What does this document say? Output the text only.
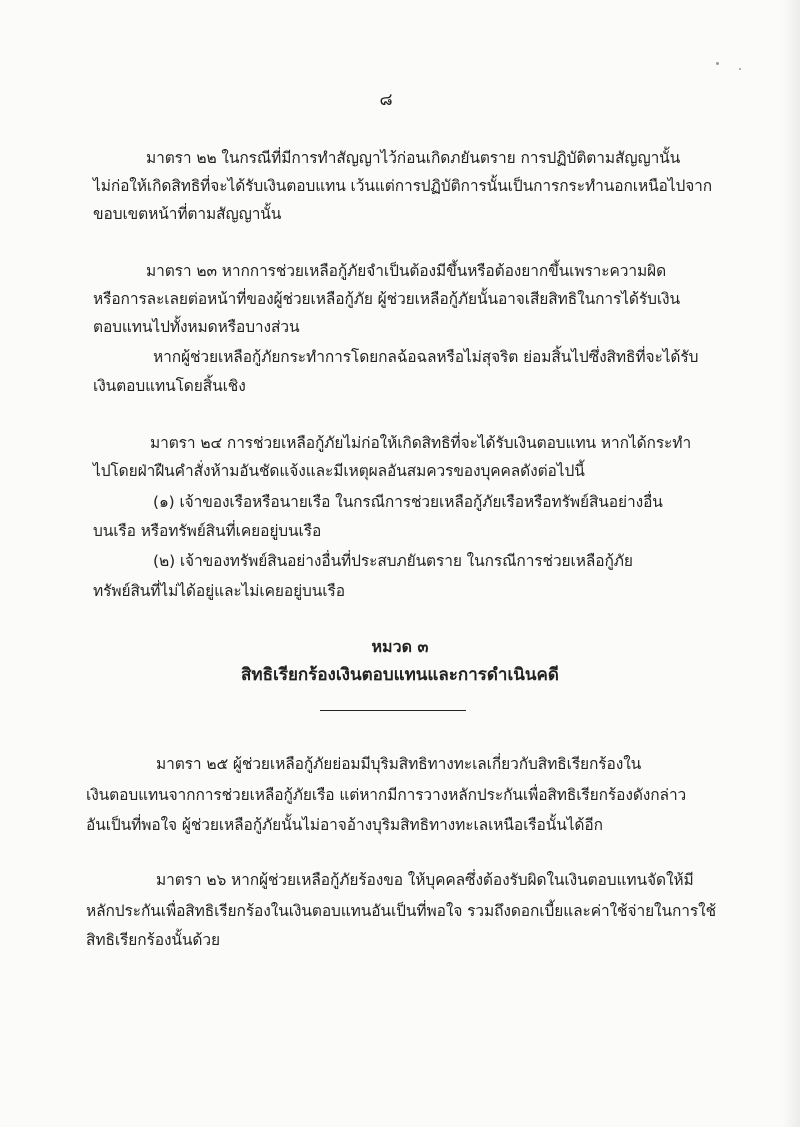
๘
มาตรา ๒๒ ในกรณีที่มีการทำสัญญาไว้ก่อนเกิดภยันตราย การปฏิบัติตามสัญญานั้น
ไม่ก่อให้เกิดสิทธิที่จะได้รับเงินตอบแทน เว้นแต่การปฏิบัติการนั้นเป็นการกระทำนอกเหนือไปจาก
ขอบเขตหน้าที่ตามสัญญานั้น
มาตรา ๒๓ หากการช่วยเหลือกู้ภัยจำเป็นต้องมีขึ้นหรือต้องยากขึ้นเพราะความผิด
หรือการละเลยต่อหน้าที่ของผู้ช่วยเหลือกู้ภัย ผู้ช่วยเหลือกู้ภัยนั้นอาจเสียสิทธิในการได้รับเงิน
ตอบแทนไปทั้งหมดหรือบางส่วน
หากผู้ช่วยเหลือกู้ภัยกระทำการโดยกลฉ้อฉลหรือไม่สุจริต ย่อมสิ้นไปซึ่งสิทธิที่จะได้รับ
เงินตอบแทนโดยสิ้นเชิง
มาตรา ๒๔ การช่วยเหลือกู้ภัยไม่ก่อให้เกิดสิทธิที่จะได้รับเงินตอบแทน หากได้กระทำ
ไปโดยฝ่าฝืนคำสั่งห้ามอันชัดแจ้งและมีเหตุผลอันสมควรของบุคคลดังต่อไปนี้
(๑) เจ้าของเรือหรือนายเรือ ในกรณีการช่วยเหลือกู้ภัยเรือหรือทรัพย์สินอย่างอื่น
บนเรือ หรือทรัพย์สินที่เคยอยู่บนเรือ
(๒) เจ้าของทรัพย์สินอย่างอื่นที่ประสบภยันตราย ในกรณีการช่วยเหลือกู้ภัย
ทรัพย์สินที่ไม่ได้อยู่และไม่เคยอยู่บนเรือ
หมวด ๓
สิทธิเรียกร้องเงินตอบแทนและการดำเนินคดี
มาตรา ๒๕ ผู้ช่วยเหลือกู้ภัยย่อมมีบุริมสิทธิทางทะเลเกี่ยวกับสิทธิเรียกร้องใน
เงินตอบแทนจากการช่วยเหลือกู้ภัยเรือ แต่หากมีการวางหลักประกันเพื่อสิทธิเรียกร้องดังกล่าว
อันเป็นที่พอใจ ผู้ช่วยเหลือกู้ภัยนั้นไม่อาจอ้างบุริมสิทธิทางทะเลเหนือเรือนั้นได้อีก
มาตรา ๒๖ หากผู้ช่วยเหลือกู้ภัยร้องขอ ให้บุคคลซึ่งต้องรับผิดในเงินตอบแทนจัดให้มี
หลักประกันเพื่อสิทธิเรียกร้องในเงินตอบแทนอันเป็นที่พอใจ รวมถึงดอกเบี้ยและค่าใช้จ่ายในการใช้
สิทธิเรียกร้องนั้นด้วย
